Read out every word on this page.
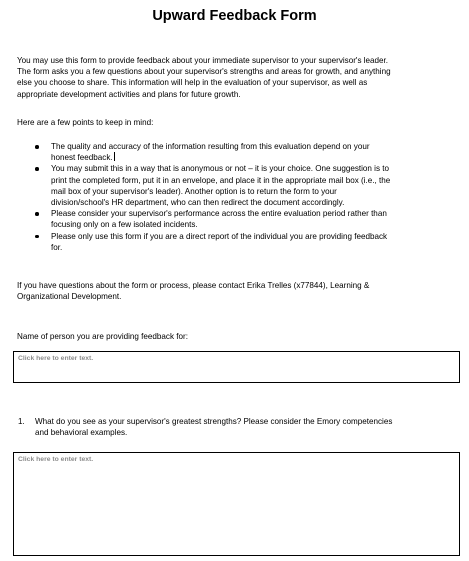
Upward Feedback Form
You may use this form to provide feedback about your immediate supervisor to your supervisor's leader.
The form asks you a few questions about your supervisor's strengths and areas for growth, and anything
else you choose to share. This information will help in the evaluation of your supervisor, as well as
appropriate development activities and plans for future growth.
Here are a few points to keep in mind:
The quality and accuracy of the information resulting from this evaluation depend on your
honest feedback.
You may submit this in a way that is anonymous or not – it is your choice. One suggestion is to
print the completed form, put it in an envelope, and place it in the appropriate mail box (i.e., the
mail box of your supervisor's leader). Another option is to return the form to your
division/school's HR department, who can then redirect the document accordingly.
Please consider your supervisor's performance across the entire evaluation period rather than
focusing only on a few isolated incidents.
Please only use this form if you are a direct report of the individual you are providing feedback
for.
If you have questions about the form or process, please contact Erika Trelles (x77844), Learning &
Organizational Development.
Name of person you are providing feedback for:
Click here to enter text.
1. What do you see as your supervisor's greatest strengths? Please consider the Emory competencies
and behavioral examples.
Click here to enter text.
